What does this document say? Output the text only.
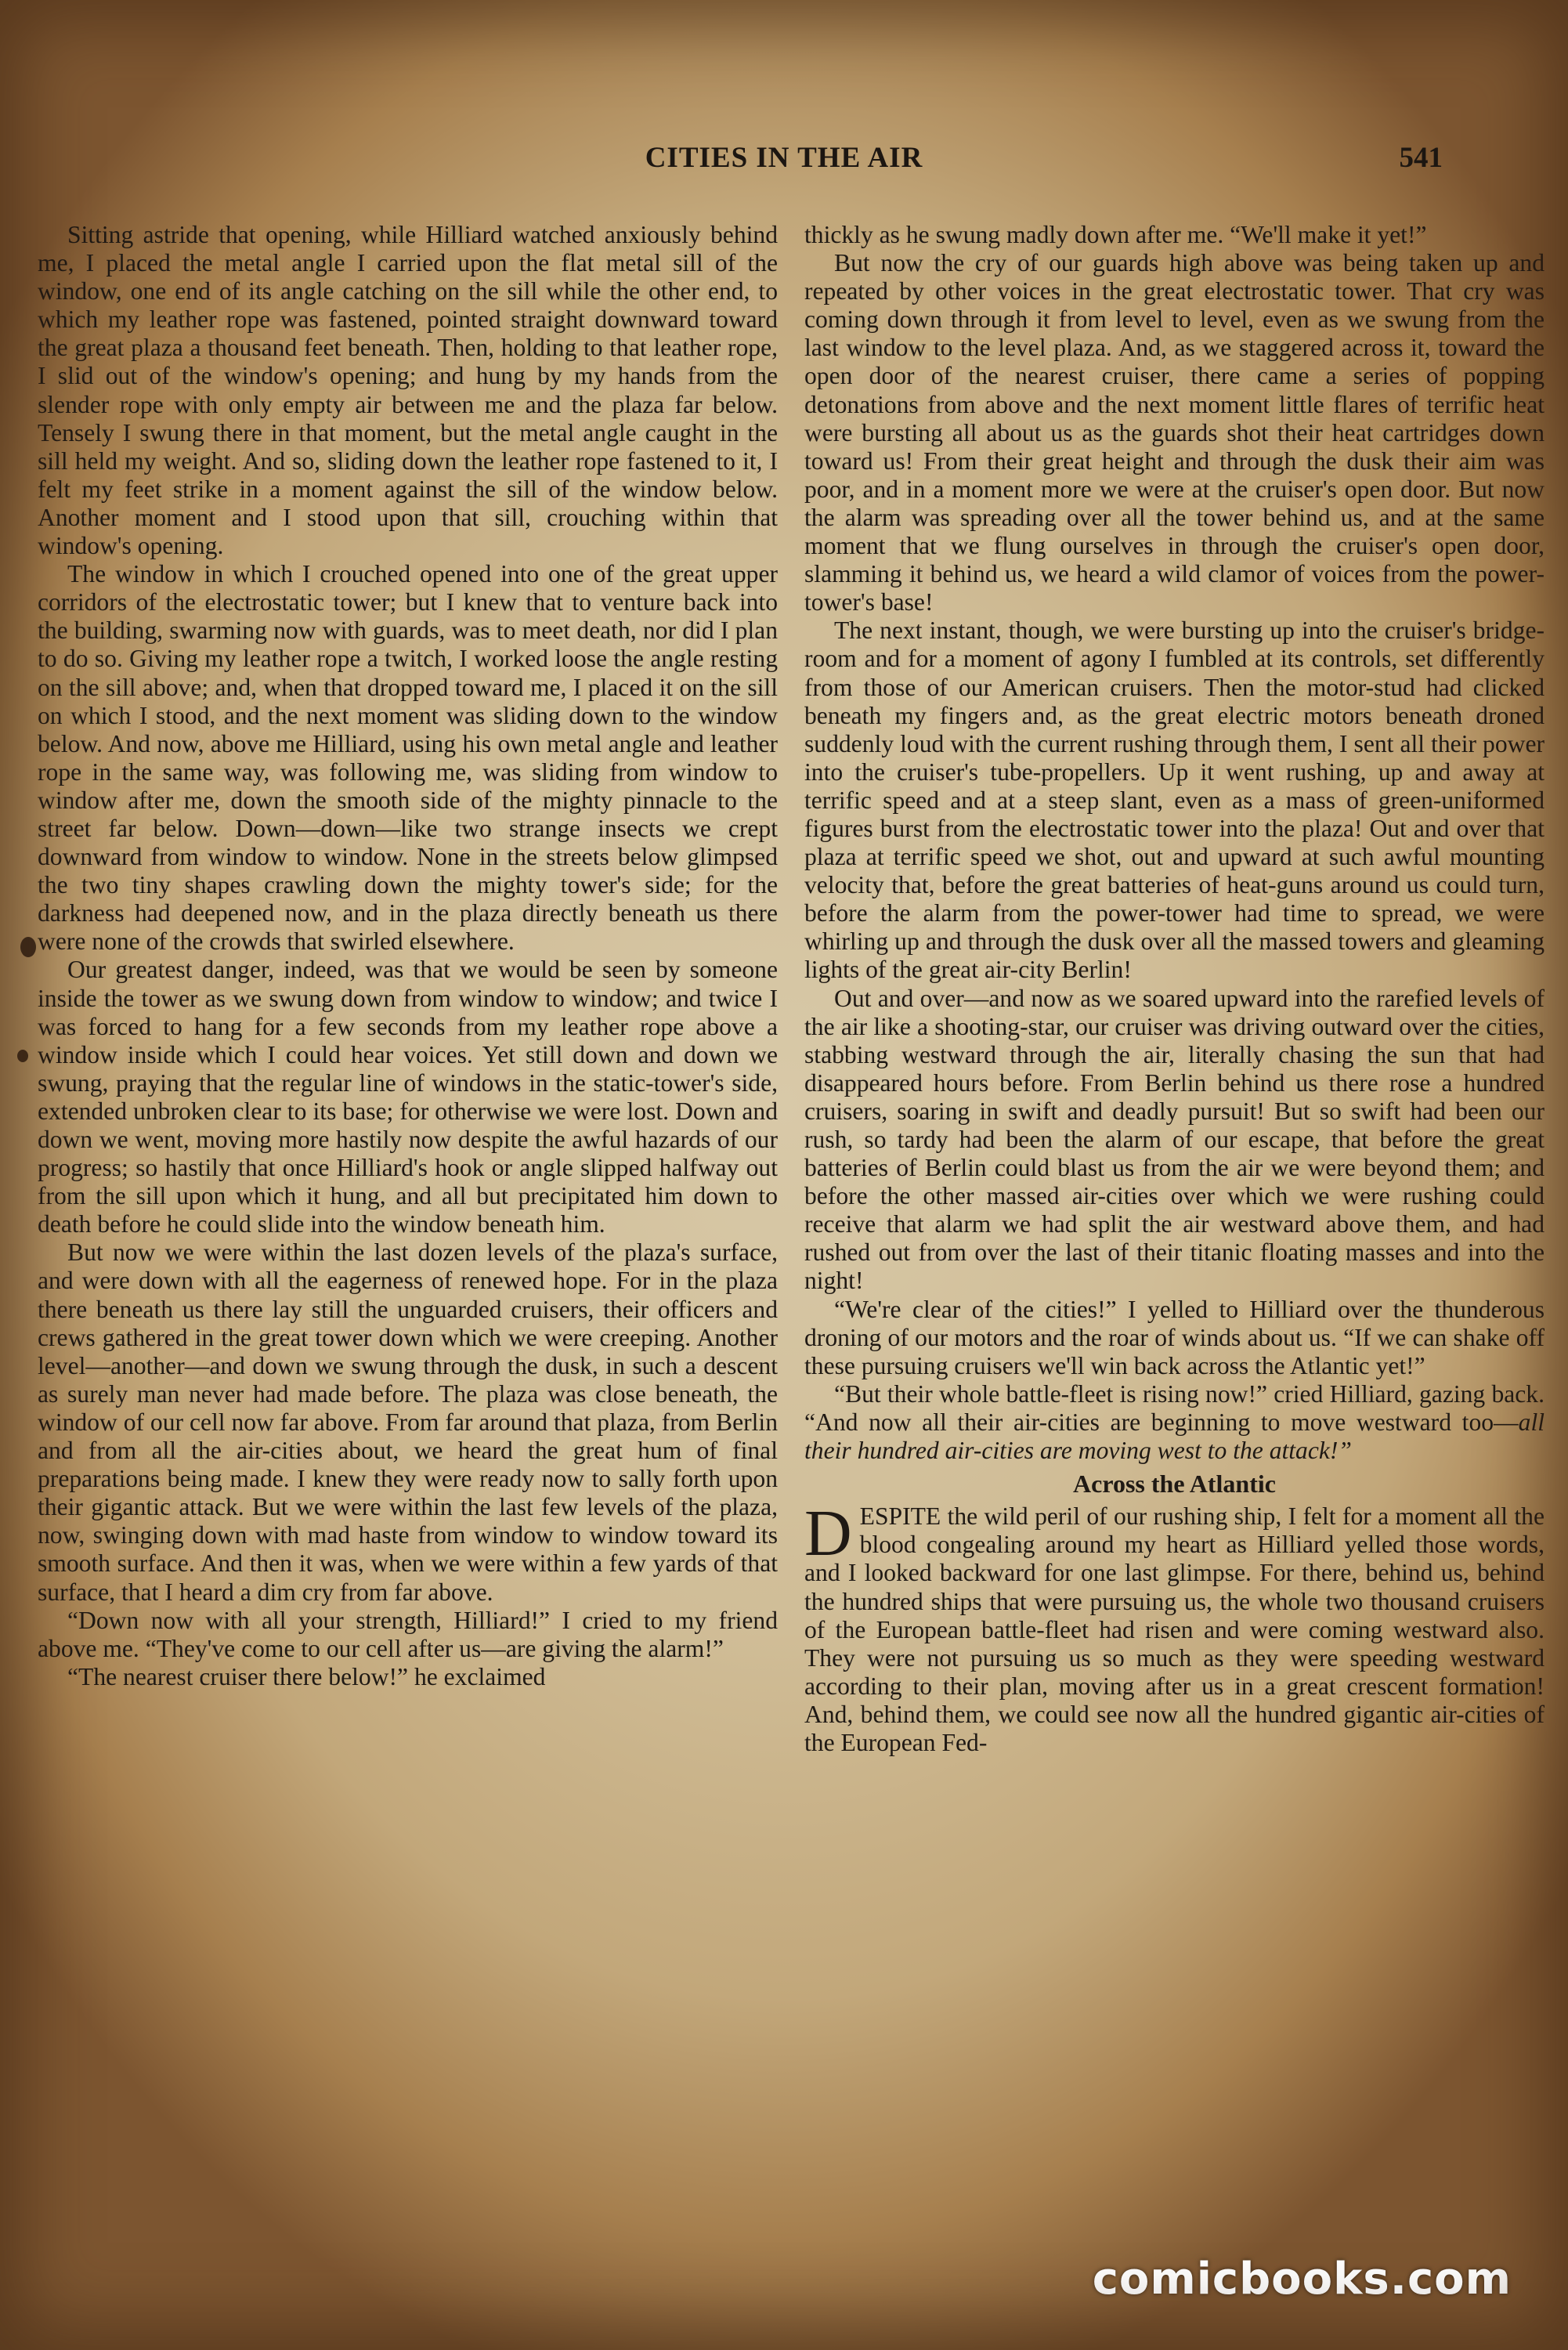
CITIES IN THE AIR	541

Sitting astride that opening, while Hilliard watched anxiously behind me, I placed the metal angle I carried upon the flat metal sill of the window, one end of its angle catching on the sill while the other end, to which my leather rope was fastened, pointed straight downward toward the great plaza a thousand feet beneath. Then, holding to that leather rope, I slid out of the window's opening; and hung by my hands from the slender rope with only empty air between me and the plaza far below. Tensely I swung there in that moment, but the metal angle caught in the sill held my weight. And so, sliding down the leather rope fastened to it, I felt my feet strike in a moment against the sill of the window below. Another moment and I stood upon that sill, crouching within that window's opening.

The window in which I crouched opened into one of the great upper corridors of the electrostatic tower; but I knew that to venture back into the building, swarming now with guards, was to meet death, nor did I plan to do so. Giving my leather rope a twitch, I worked loose the angle resting on the sill above; and, when that dropped toward me, I placed it on the sill on which I stood, and the next moment was sliding down to the window below. And now, above me Hilliard, using his own metal angle and leather rope in the same way, was following me, was sliding from window to window after me, down the smooth side of the mighty pinnacle to the street far below. Down—down—like two strange insects we crept downward from window to window. None in the streets below glimpsed the two tiny shapes crawling down the mighty tower's side; for the darkness had deepened now, and in the plaza directly beneath us there were none of the crowds that swirled elsewhere.

Our greatest danger, indeed, was that we would be seen by someone inside the tower as we swung down from window to window; and twice I was forced to hang for a few seconds from my leather rope above a window inside which I could hear voices. Yet still down and down we swung, praying that the regular line of windows in the static-tower's side, extended unbroken clear to its base; for otherwise we were lost. Down and down we went, moving more hastily now despite the awful hazards of our progress; so hastily that once Hilliard's hook or angle slipped halfway out from the sill upon which it hung, and all but precipitated him down to death before he could slide into the window beneath him.

But now we were within the last dozen levels of the plaza's surface, and were down with all the eagerness of renewed hope. For in the plaza there beneath us there lay still the unguarded cruisers, their officers and crews gathered in the great tower down which we were creeping. Another level—another—and down we swung through the dusk, in such a descent as surely man never had made before. The plaza was close beneath, the window of our cell now far above. From far around that plaza, from Berlin and from all the air-cities about, we heard the great hum of final preparations being made. I knew they were ready now to sally forth upon their gigantic attack. But we were within the last few levels of the plaza, now, swinging down with mad haste from window to window toward its smooth surface. And then it was, when we were within a few yards of that surface, that I heard a dim cry from far above.

“Down now with all your strength, Hilliard!” I cried to my friend above me. “They've come to our cell after us—are giving the alarm!”

“The nearest cruiser there below!” he exclaimed

thickly as he swung madly down after me. “We'll make it yet!”

But now the cry of our guards high above was being taken up and repeated by other voices in the great electrostatic tower. That cry was coming down through it from level to level, even as we swung from the last window to the level plaza. And, as we staggered across it, toward the open door of the nearest cruiser, there came a series of popping detonations from above and the next moment little flares of terrific heat were bursting all about us as the guards shot their heat cartridges down toward us! From their great height and through the dusk their aim was poor, and in a moment more we were at the cruiser's open door. But now the alarm was spreading over all the tower behind us, and at the same moment that we flung ourselves in through the cruiser's open door, slamming it behind us, we heard a wild clamor of voices from the power-tower's base!

The next instant, though, we were bursting up into the cruiser's bridge-room and for a moment of agony I fumbled at its controls, set differently from those of our American cruisers. Then the motor-stud had clicked beneath my fingers and, as the great electric motors beneath droned suddenly loud with the current rushing through them, I sent all their power into the cruiser's tube-propellers. Up it went rushing, up and away at terrific speed and at a steep slant, even as a mass of green-uniformed figures burst from the electrostatic tower into the plaza! Out and over that plaza at terrific speed we shot, out and upward at such awful mounting velocity that, before the great batteries of heat-guns around us could turn, before the alarm from the power-tower had time to spread, we were whirling up and through the dusk over all the massed towers and gleaming lights of the great air-city Berlin!

Out and over—and now as we soared upward into the rarefied levels of the air like a shooting-star, our cruiser was driving outward over the cities, stabbing westward through the air, literally chasing the sun that had disappeared hours before. From Berlin behind us there rose a hundred cruisers, soaring in swift and deadly pursuit! But so swift had been our rush, so tardy had been the alarm of our escape, that before the great batteries of Berlin could blast us from the air we were beyond them; and before the other massed air-cities over which we were rushing could receive that alarm we had split the air westward above them, and had rushed out from over the last of their titanic floating masses and into the night!

“We're clear of the cities!” I yelled to Hilliard over the thunderous droning of our motors and the roar of winds about us. “If we can shake off these pursuing cruisers we'll win back across the Atlantic yet!”

“But their whole battle-fleet is rising now!” cried Hilliard, gazing back. “And now all their air-cities are beginning to move westward too—all their hundred air-cities are moving west to the attack!”

Across the Atlantic

DESPITE the wild peril of our rushing ship, I felt for a moment all the blood congealing around my heart as Hilliard yelled those words, and I looked backward for one last glimpse. For there, behind us, behind the hundred ships that were pursuing us, the whole two thousand cruisers of the European battle-fleet had risen and were coming westward also. They were not pursuing us so much as they were speeding westward according to their plan, moving after us in a great crescent formation! And, behind them, we could see now all the hundred gigantic air-cities of the European Fed-

comicbooks.com
